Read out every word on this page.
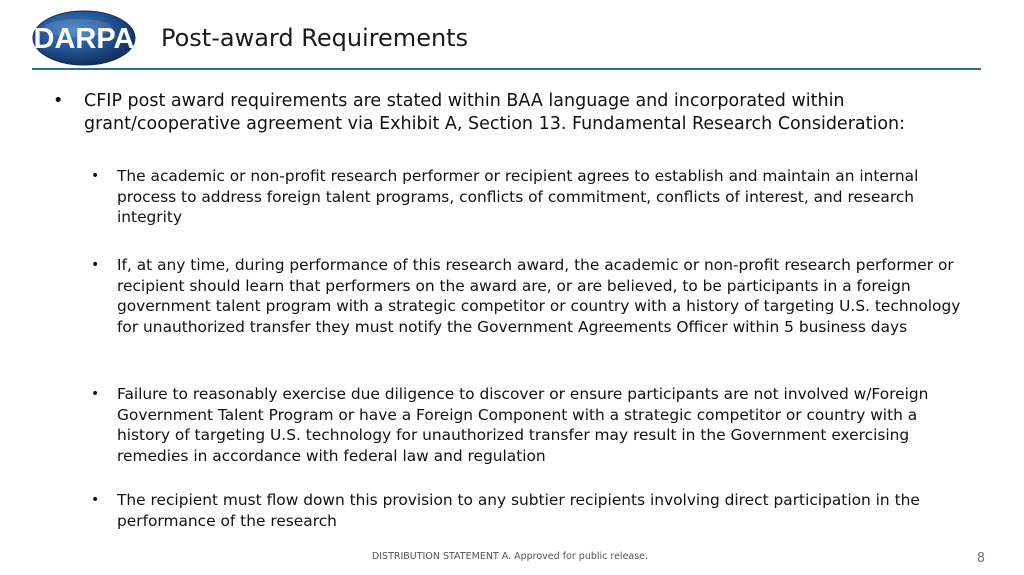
DARPA Post-award Requirements
• CFIP post award requirements are stated within BAA language and incorporated within grant/cooperative agreement via Exhibit A, Section 13. Fundamental Research Consideration:
• The academic or non-profit research performer or recipient agrees to establish and maintain an internal process to address foreign talent programs, conflicts of commitment, conflicts of interest, and research integrity
• If, at any time, during performance of this research award, the academic or non-profit research performer or recipient should learn that performers on the award are, or are believed, to be participants in a foreign government talent program with a strategic competitor or country with a history of targeting U.S. technology for unauthorized transfer they must notify the Government Agreements Officer within 5 business days
• Failure to reasonably exercise due diligence to discover or ensure participants are not involved w/Foreign Government Talent Program or have a Foreign Component with a strategic competitor or country with a history of targeting U.S. technology for unauthorized transfer may result in the Government exercising remedies in accordance with federal law and regulation
• The recipient must flow down this provision to any subtier recipients involving direct participation in the performance of the research
DISTRIBUTION STATEMENT A. Approved for public release.	8
